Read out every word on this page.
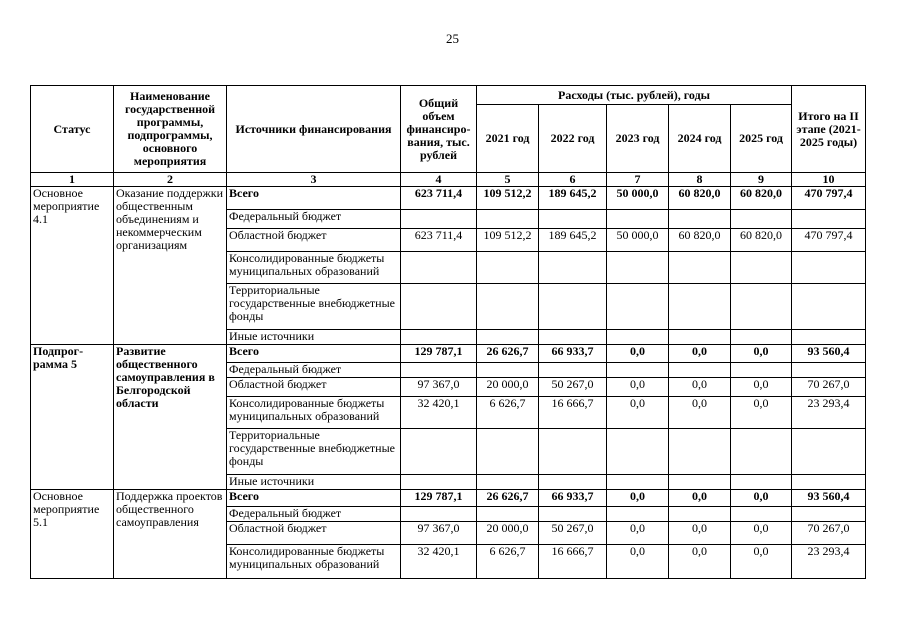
25
Статус	Наименование государственной программы, подпрограммы, основного мероприятия	Источники финансирования	Общий объем финансиро-вания, тыс. рублей	Расходы (тыс. рублей), годы					Итого на II этапе (2021-2025 годы)
				2021 год	2022 год	2023 год	2024 год	2025 год	
1	2	3	4	5	6	7	8	9	10
Основное мероприятие 4.1	Оказание поддержки общественным объединениям и некоммерческим организациям	Всего	623 711,4	109 512,2	189 645,2	50 000,0	60 820,0	60 820,0	470 797,4
		Федеральный бюджет							
		Областной бюджет	623 711,4	109 512,2	189 645,2	50 000,0	60 820,0	60 820,0	470 797,4
		Консолидированные бюджеты муниципальных образований							
		Территориальные государственные внебюджетные фонды							
		Иные источники							
Подпрог-рамма 5	Развитие общественного самоуправления в Белгородской области	Всего	129 787,1	26 626,7	66 933,7	0,0	0,0	0,0	93 560,4
		Федеральный бюджет							
		Областной бюджет	97 367,0	20 000,0	50 267,0	0,0	0,0	0,0	70 267,0
		Консолидированные бюджеты муниципальных образований	32 420,1	6 626,7	16 666,7	0,0	0,0	0,0	23 293,4
		Территориальные государственные внебюджетные фонды							
		Иные источники							
Основное мероприятие 5.1	Поддержка проектов общественного самоуправления	Всего	129 787,1	26 626,7	66 933,7	0,0	0,0	0,0	93 560,4
		Федеральный бюджет							
		Областной бюджет	97 367,0	20 000,0	50 267,0	0,0	0,0	0,0	70 267,0
		Консолидированные бюджеты муниципальных образований	32 420,1	6 626,7	16 666,7	0,0	0,0	0,0	23 293,4
